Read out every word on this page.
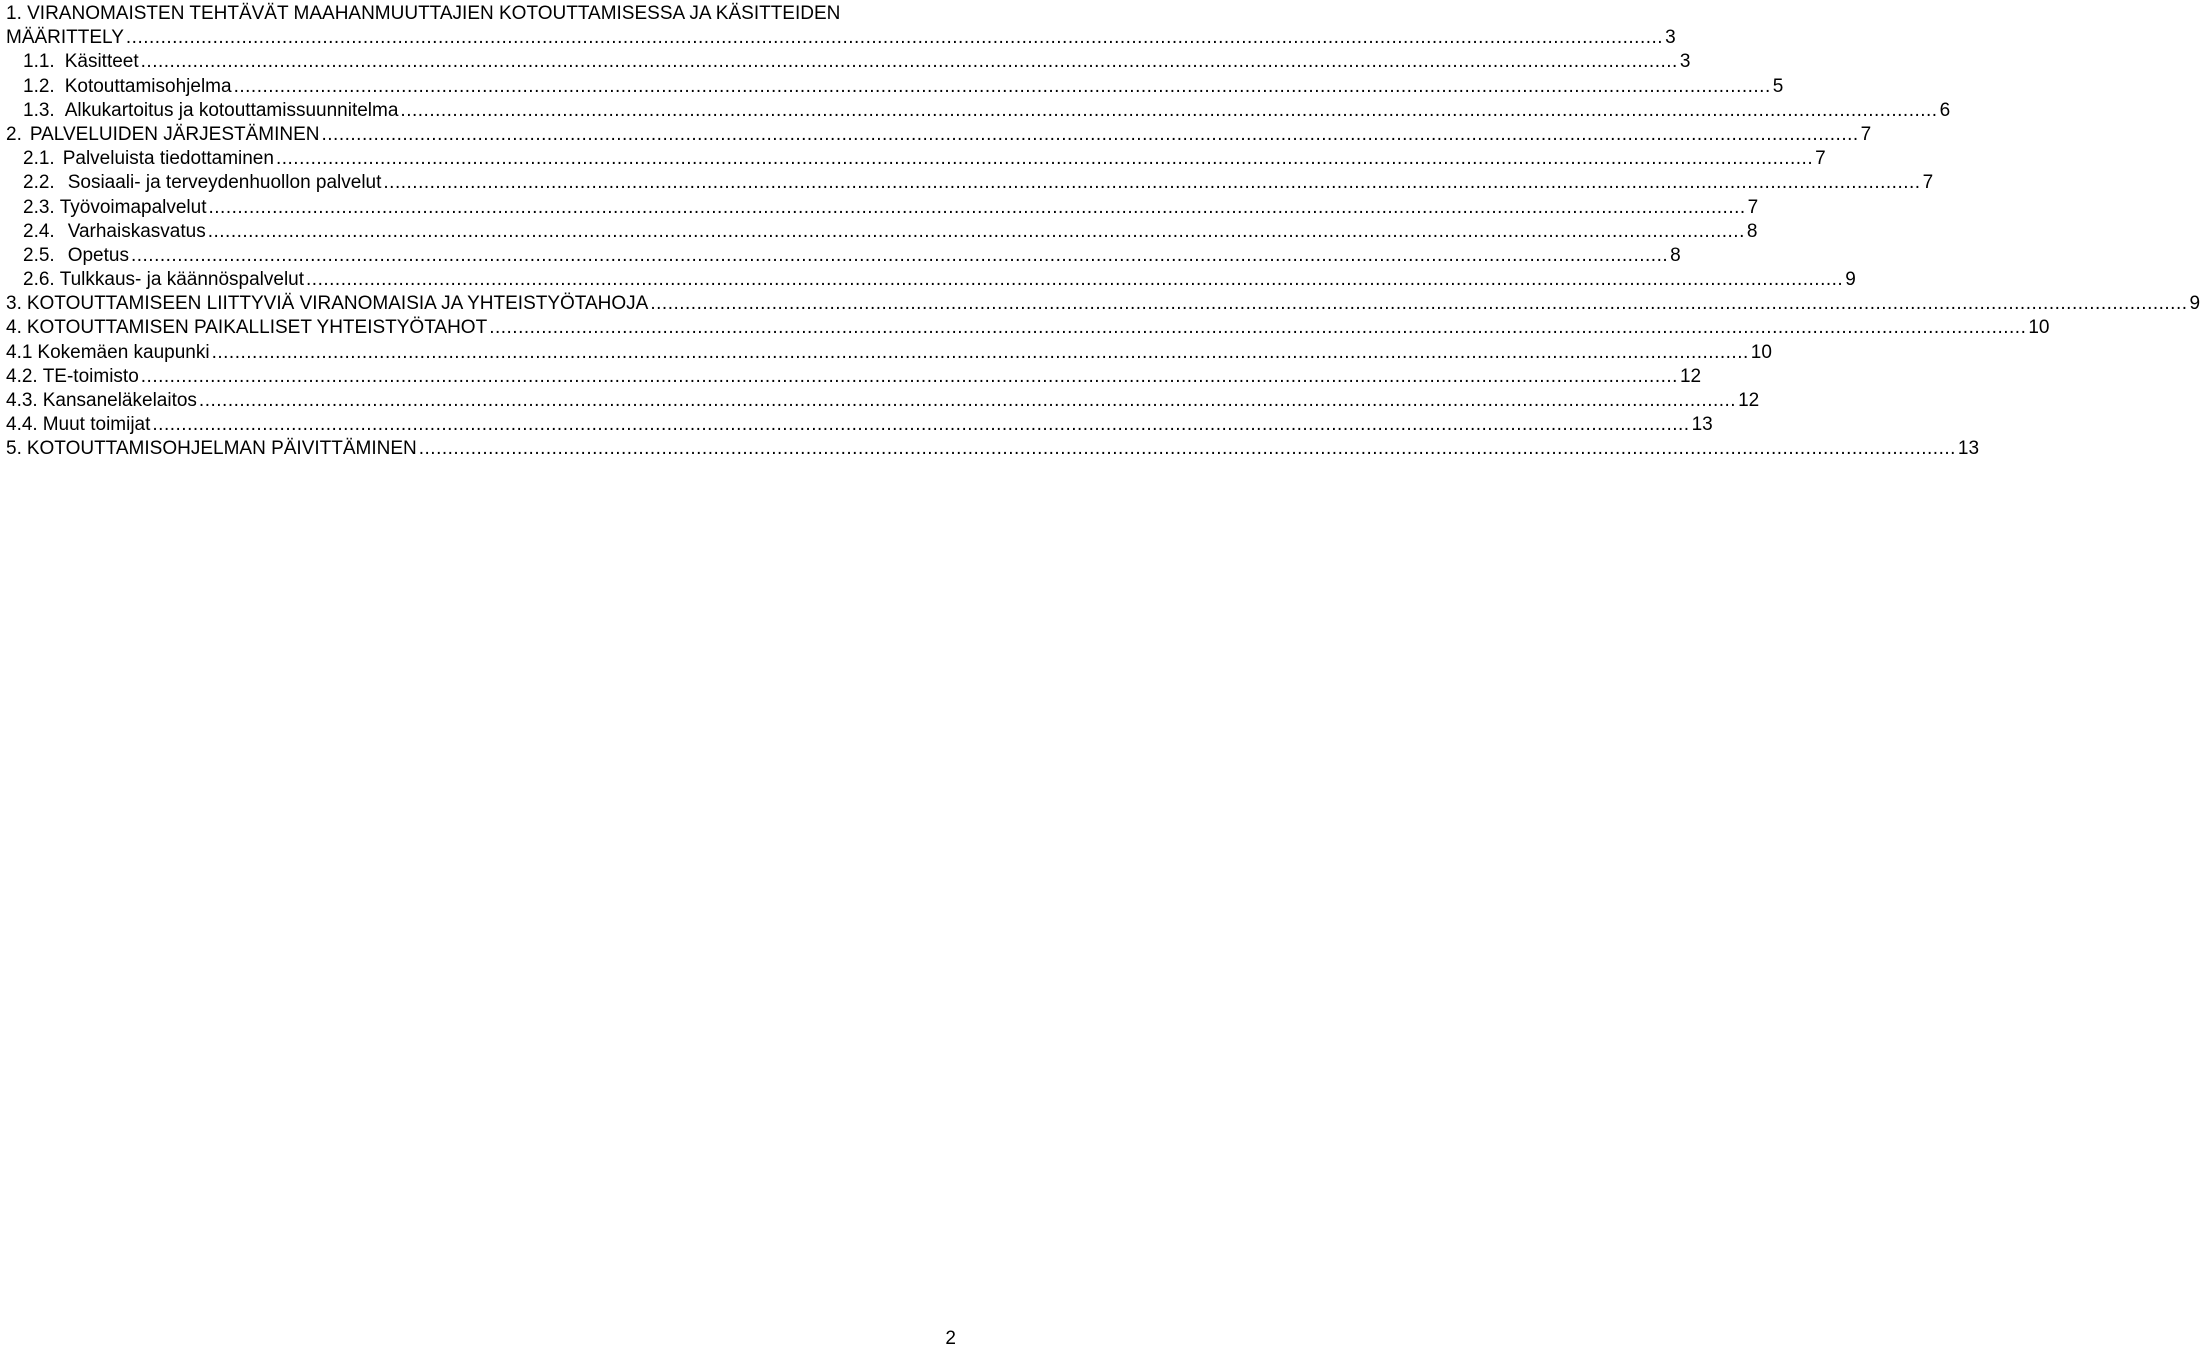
1. VIRANOMAISTEN TEHTÄVÄT MAAHANMUUTTAJIEN KOTOUTTAMISESSA JA KÄSITTEIDEN
MÄÄRITTELY .....	3
1.1. Käsitteet .....	3
1.2. Kotouttamisohjelma .....	5
1.3. Alkukartoitus ja kotouttamissuunnitelma .....	6
2. PALVELUIDEN JÄRJESTÄMINEN .....	7
2.1. Palveluista tiedottaminen .....	7
2.2. Sosiaali- ja terveydenhuollon palvelut .....	7
2.3. Työvoimapalvelut .....	7
2.4. Varhaiskasvatus .....	8
2.5. Opetus .....	8
2.6. Tulkkaus- ja käännöspalvelut .....	9
3. KOTOUTTAMISEEN LIITTYVIÄ VIRANOMAISIA JA YHTEISTYÖTAHOJA .....	9
4. KOTOUTTAMISEN PAIKALLISET YHTEISTYÖTAHOT .....	10
4.1 Kokemäen kaupunki .....	10
4.2. TE-toimisto .....	12
4.3. Kansaneläkelaitos .....	12
4.4. Muut toimijat .....	13
5. KOTOUTTAMISOHJELMAN PÄIVITTÄMINEN .....	13
2
